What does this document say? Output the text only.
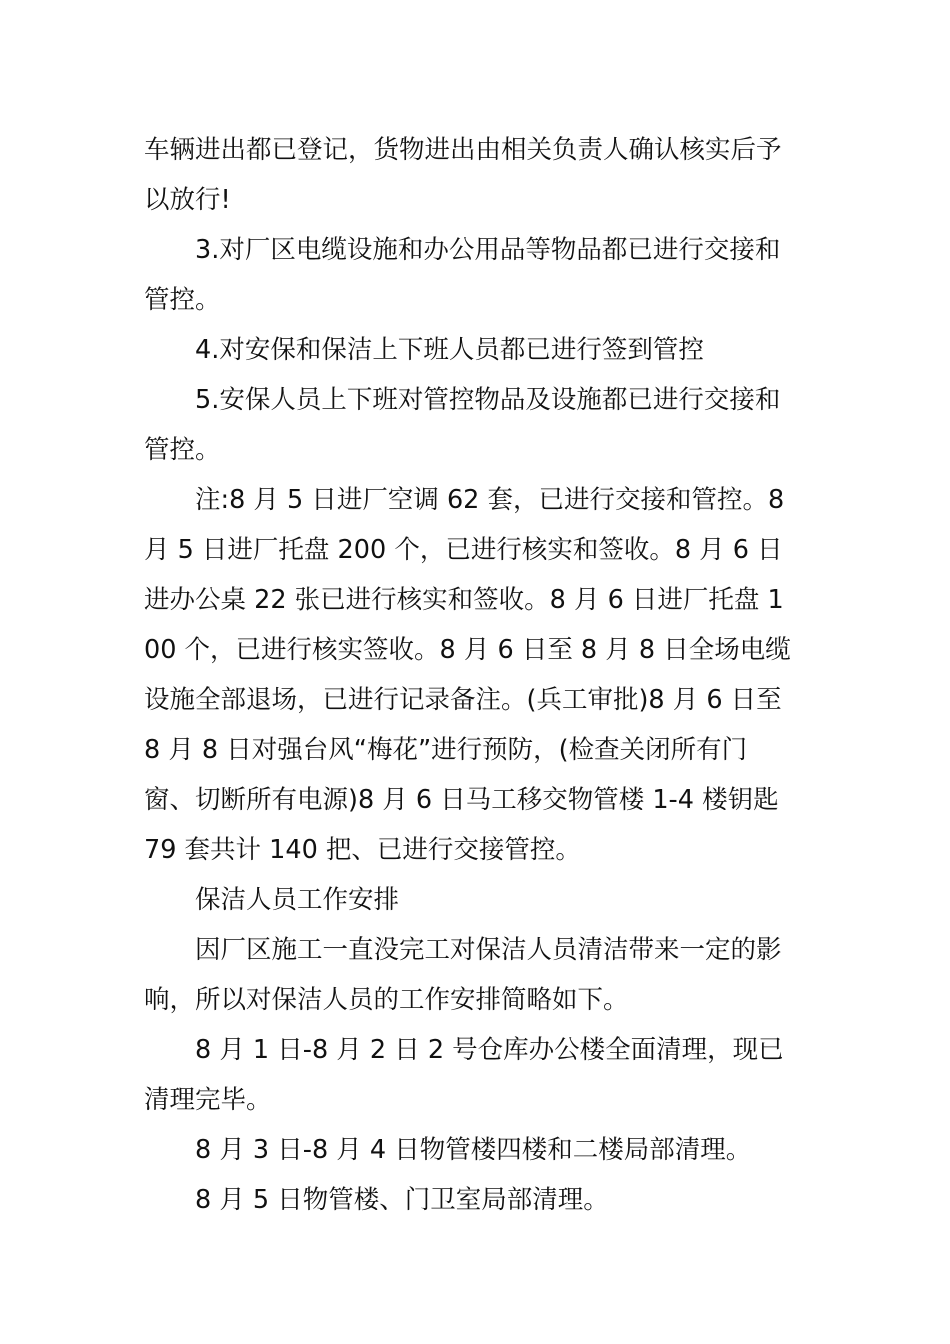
车辆进出都已登记，货物进出由相关负责人确认核实后予以放行!

3.对厂区电缆设施和办公用品等物品都已进行交接和管控。

4.对安保和保洁上下班人员都已进行签到管控

5.安保人员上下班对管控物品及设施都已进行交接和管控。

注:8 月 5 日进厂空调 62 套，已进行交接和管控。8 月 5 日进厂托盘 200 个，已进行核实和签收。8 月 6 日进办公桌 22 张已进行核实和签收。8 月 6 日进厂托盘 100 个，已进行核实签收。8 月 6 日至 8 月 8 日全场电缆设施全部退场，已进行记录备注。(兵工审批)8 月 6 日至 8 月 8 日对强台风“梅花”进行预防，(检查关闭所有门窗、切断所有电源)8 月 6 日马工移交物管楼 1-4 楼钥匙 79 套共计 140 把、已进行交接管控。

保洁人员工作安排

因厂区施工一直没完工对保洁人员清洁带来一定的影响，所以对保洁人员的工作安排简略如下。

8 月 1 日-8 月 2 日 2 号仓库办公楼全面清理，现已清理完毕。

8 月 3 日-8 月 4 日物管楼四楼和二楼局部清理。

8 月 5 日物管楼、门卫室局部清理。
